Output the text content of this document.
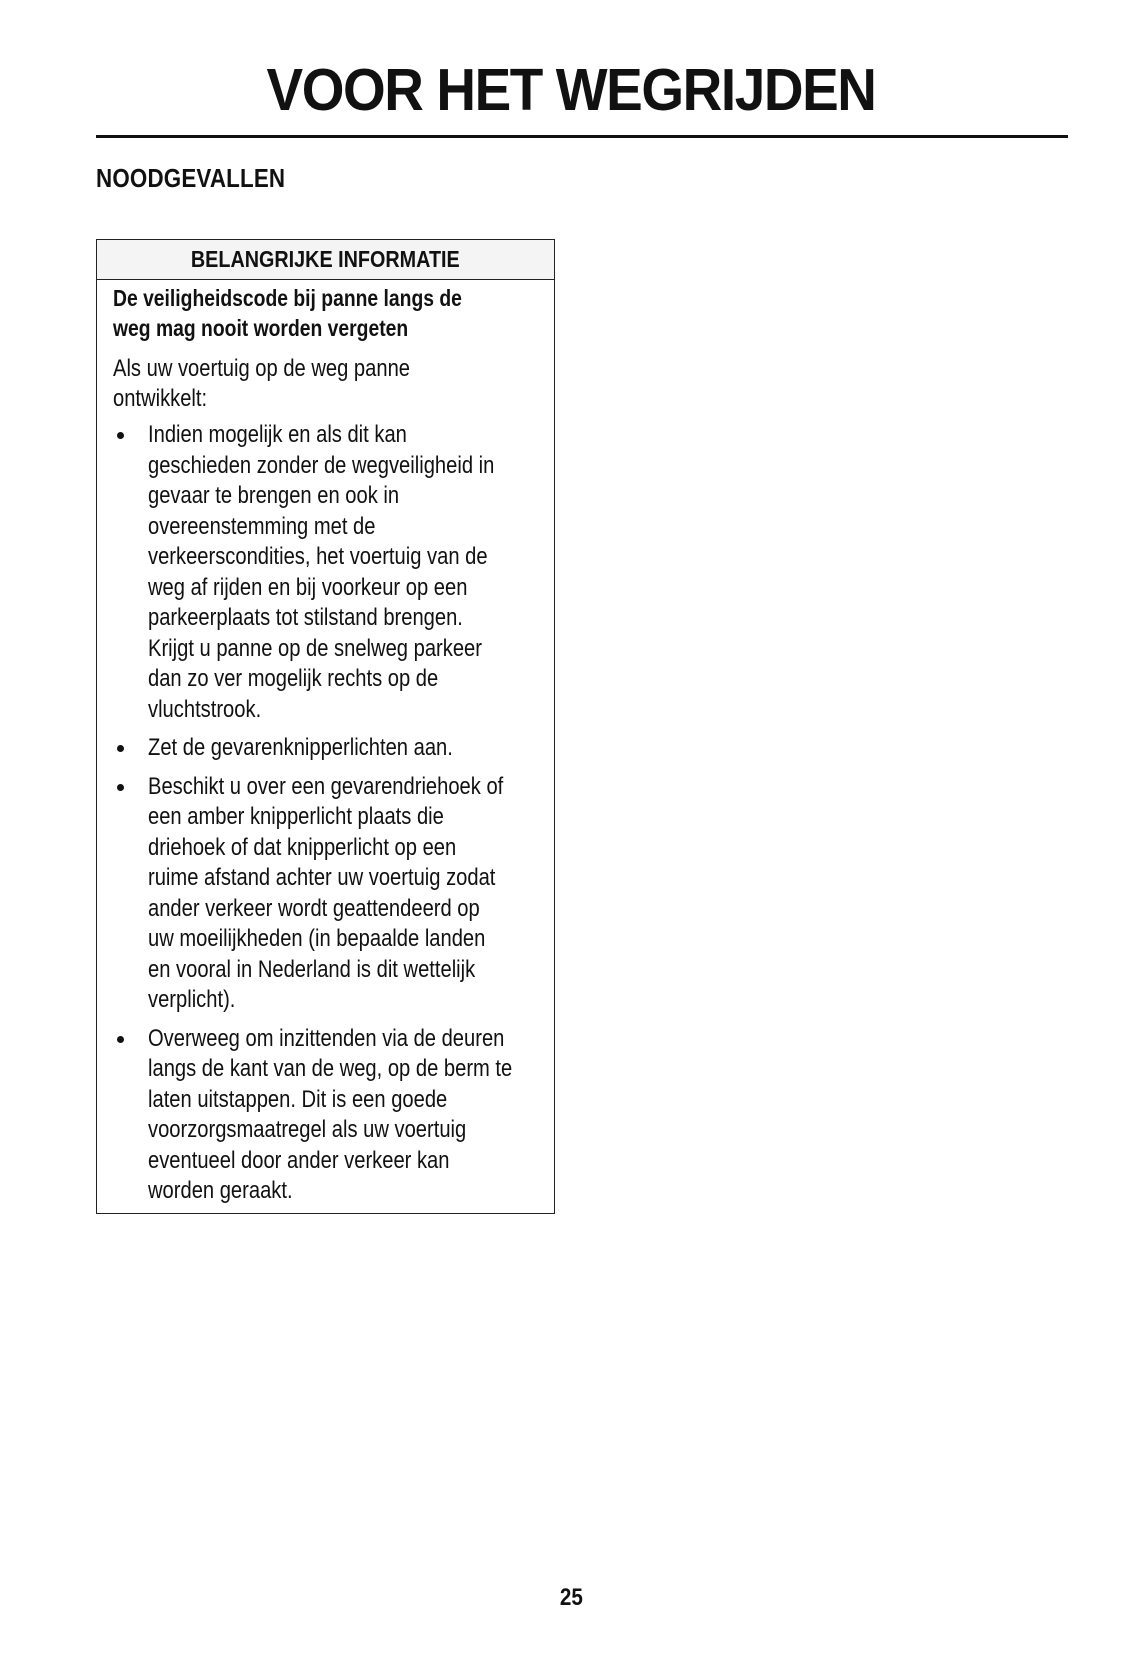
VOOR HET WEGRIJDEN
NOODGEVALLEN
BELANGRIJKE INFORMATIE
De veiligheidscode bij panne langs de
weg mag nooit worden vergeten
Als uw voertuig op de weg panne
ontwikkelt:
Indien mogelijk en als dit kan
geschieden zonder de wegveiligheid in
gevaar te brengen en ook in
overeenstemming met de
verkeerscondities, het voertuig van de
weg af rijden en bij voorkeur op een
parkeerplaats tot stilstand brengen.
Krijgt u panne op de snelweg parkeer
dan zo ver mogelijk rechts op de
vluchtstrook.
Zet de gevarenknipperlichten aan.
Beschikt u over een gevarendriehoek of
een amber knipperlicht plaats die
driehoek of dat knipperlicht op een
ruime afstand achter uw voertuig zodat
ander verkeer wordt geattendeerd op
uw moeilijkheden (in bepaalde landen
en vooral in Nederland is dit wettelijk
verplicht).
Overweeg om inzittenden via de deuren
langs de kant van de weg, op de berm te
laten uitstappen. Dit is een goede
voorzorgsmaatregel als uw voertuig
eventueel door ander verkeer kan
worden geraakt.
25
